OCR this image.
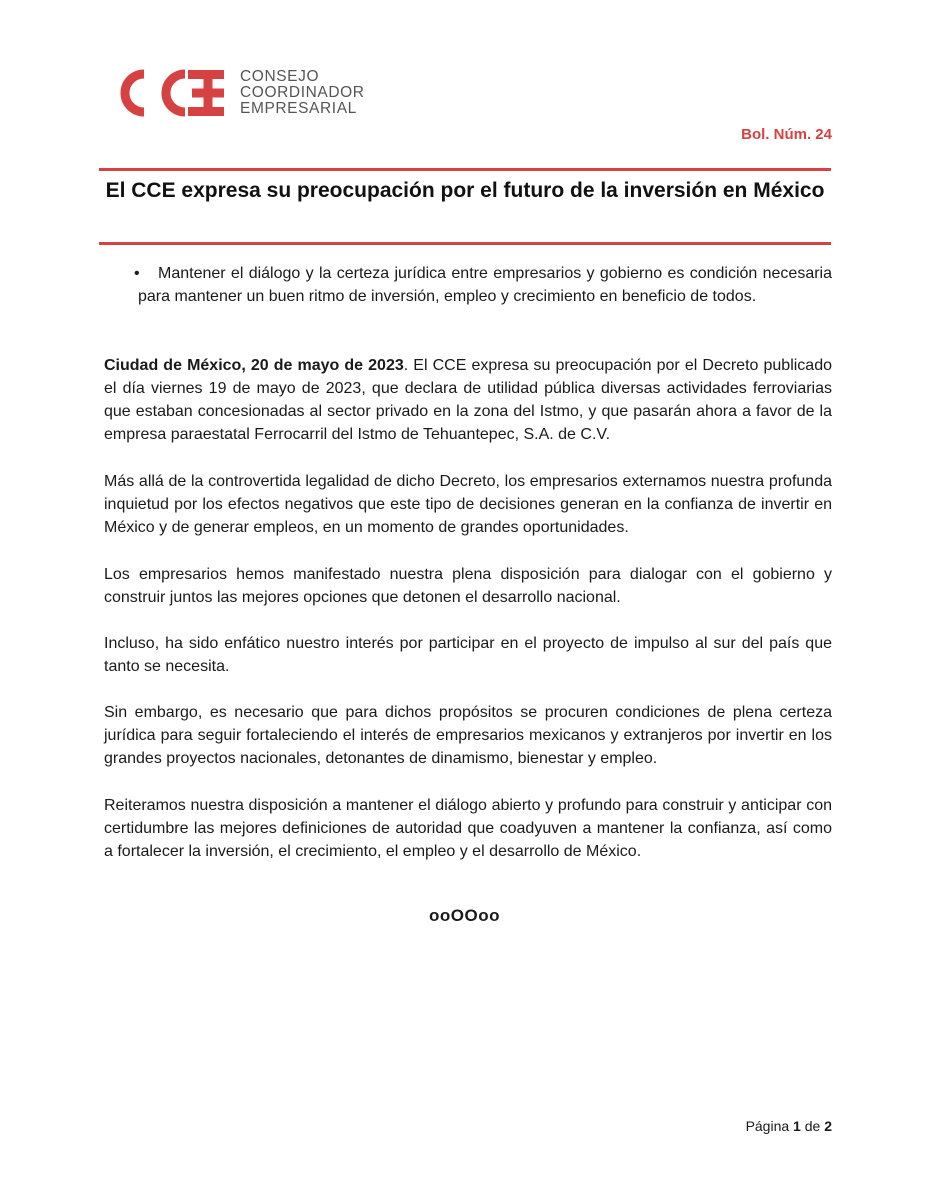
CONSEJO
COORDINADOR
EMPRESARIAL
Bol. Núm. 24
El CCE expresa su preocupación por el futuro de la inversión en México
•	Mantener el diálogo y la certeza jurídica entre empresarios y gobierno es condición necesaria para mantener un buen ritmo de inversión, empleo y crecimiento en beneficio de todos.
Ciudad de México, 20 de mayo de 2023. El CCE expresa su preocupación por el Decreto publicado el día viernes 19 de mayo de 2023, que declara de utilidad pública diversas actividades ferroviarias que estaban concesionadas al sector privado en la zona del Istmo, y que pasarán ahora a favor de la empresa paraestatal Ferrocarril del Istmo de Tehuantepec, S.A. de C.V.
Más allá de la controvertida legalidad de dicho Decreto, los empresarios externamos nuestra profunda inquietud por los efectos negativos que este tipo de decisiones generan en la confianza de invertir en México y de generar empleos, en un momento de grandes oportunidades.
Los empresarios hemos manifestado nuestra plena disposición para dialogar con el gobierno y construir juntos las mejores opciones que detonen el desarrollo nacional.
Incluso, ha sido enfático nuestro interés por participar en el proyecto de impulso al sur del país que tanto se necesita.
Sin embargo, es necesario que para dichos propósitos se procuren condiciones de plena certeza jurídica para seguir fortaleciendo el interés de empresarios mexicanos y extranjeros por invertir en los grandes proyectos nacionales, detonantes de dinamismo, bienestar y empleo.
Reiteramos nuestra disposición a mantener el diálogo abierto y profundo para construir y anticipar con certidumbre las mejores definiciones de autoridad que coadyuven a mantener la confianza, así como a fortalecer la inversión, el crecimiento, el empleo y el desarrollo de México.
ooOOoo
Página 1 de 2
